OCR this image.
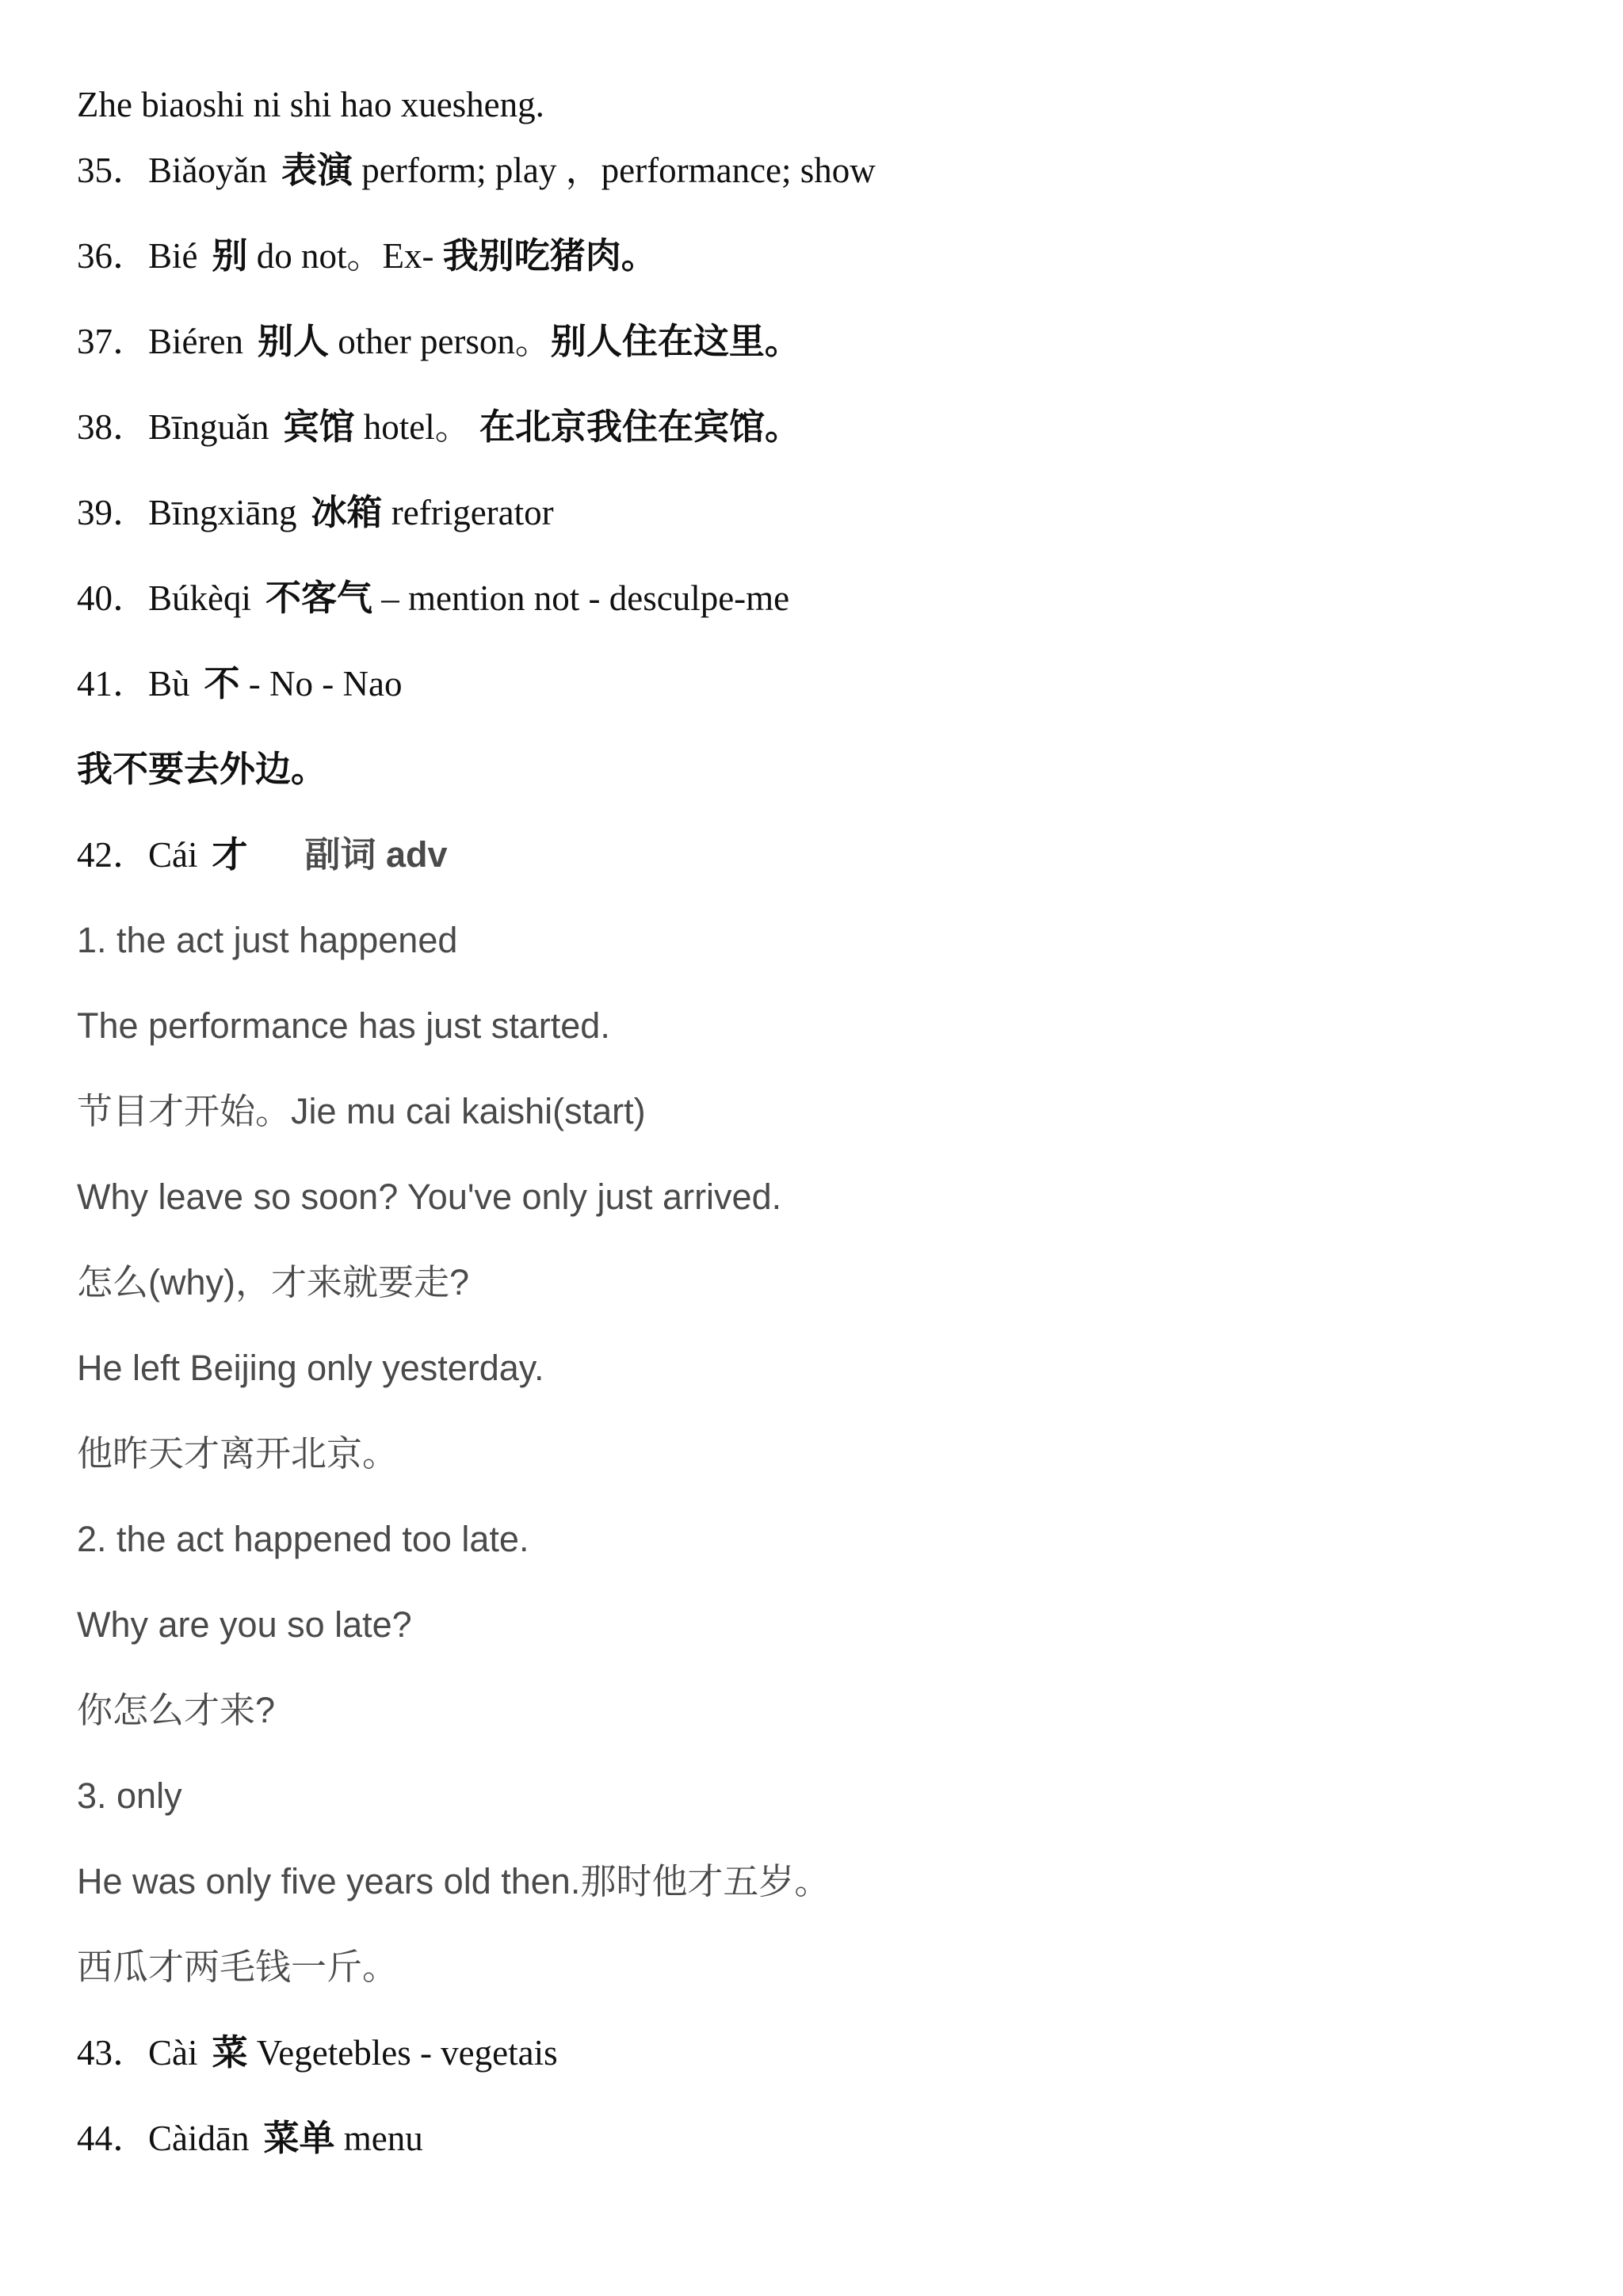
Zhe biaoshi ni shi hao xuesheng.
35．Biǎoyǎn 表演 perform; play ，performance; show
36．Bié 别 do not。Ex- 我别吃猪肉。
37．Biéren 别人 other person。别人住在这里。
38．Bīnguǎn 宾馆 hotel。 在北京我住在宾馆。
39．Bīngxiāng 冰箱 refrigerator
40．Búkèqi 不客气 – mention not - desculpe-me
41．Bù 不 - No - Nao
我不要去外边。
42．Cái 才 副词 adv
1. the act just happened
The performance has just started.
节目才开始。Jie mu cai kaishi(start)
Why leave so soon? You've only just arrived.
怎么(why)，才来就要走?
He left Beijing only yesterday.
他昨天才离开北京。
2. the act happened too late.
Why are you so late?
你怎么才来?
3. only
He was only five years old then.那时他才五岁。
西瓜才两毛钱一斤。
43．Cài 菜 Vegetebles - vegetais
44．Càidān 菜单 menu
